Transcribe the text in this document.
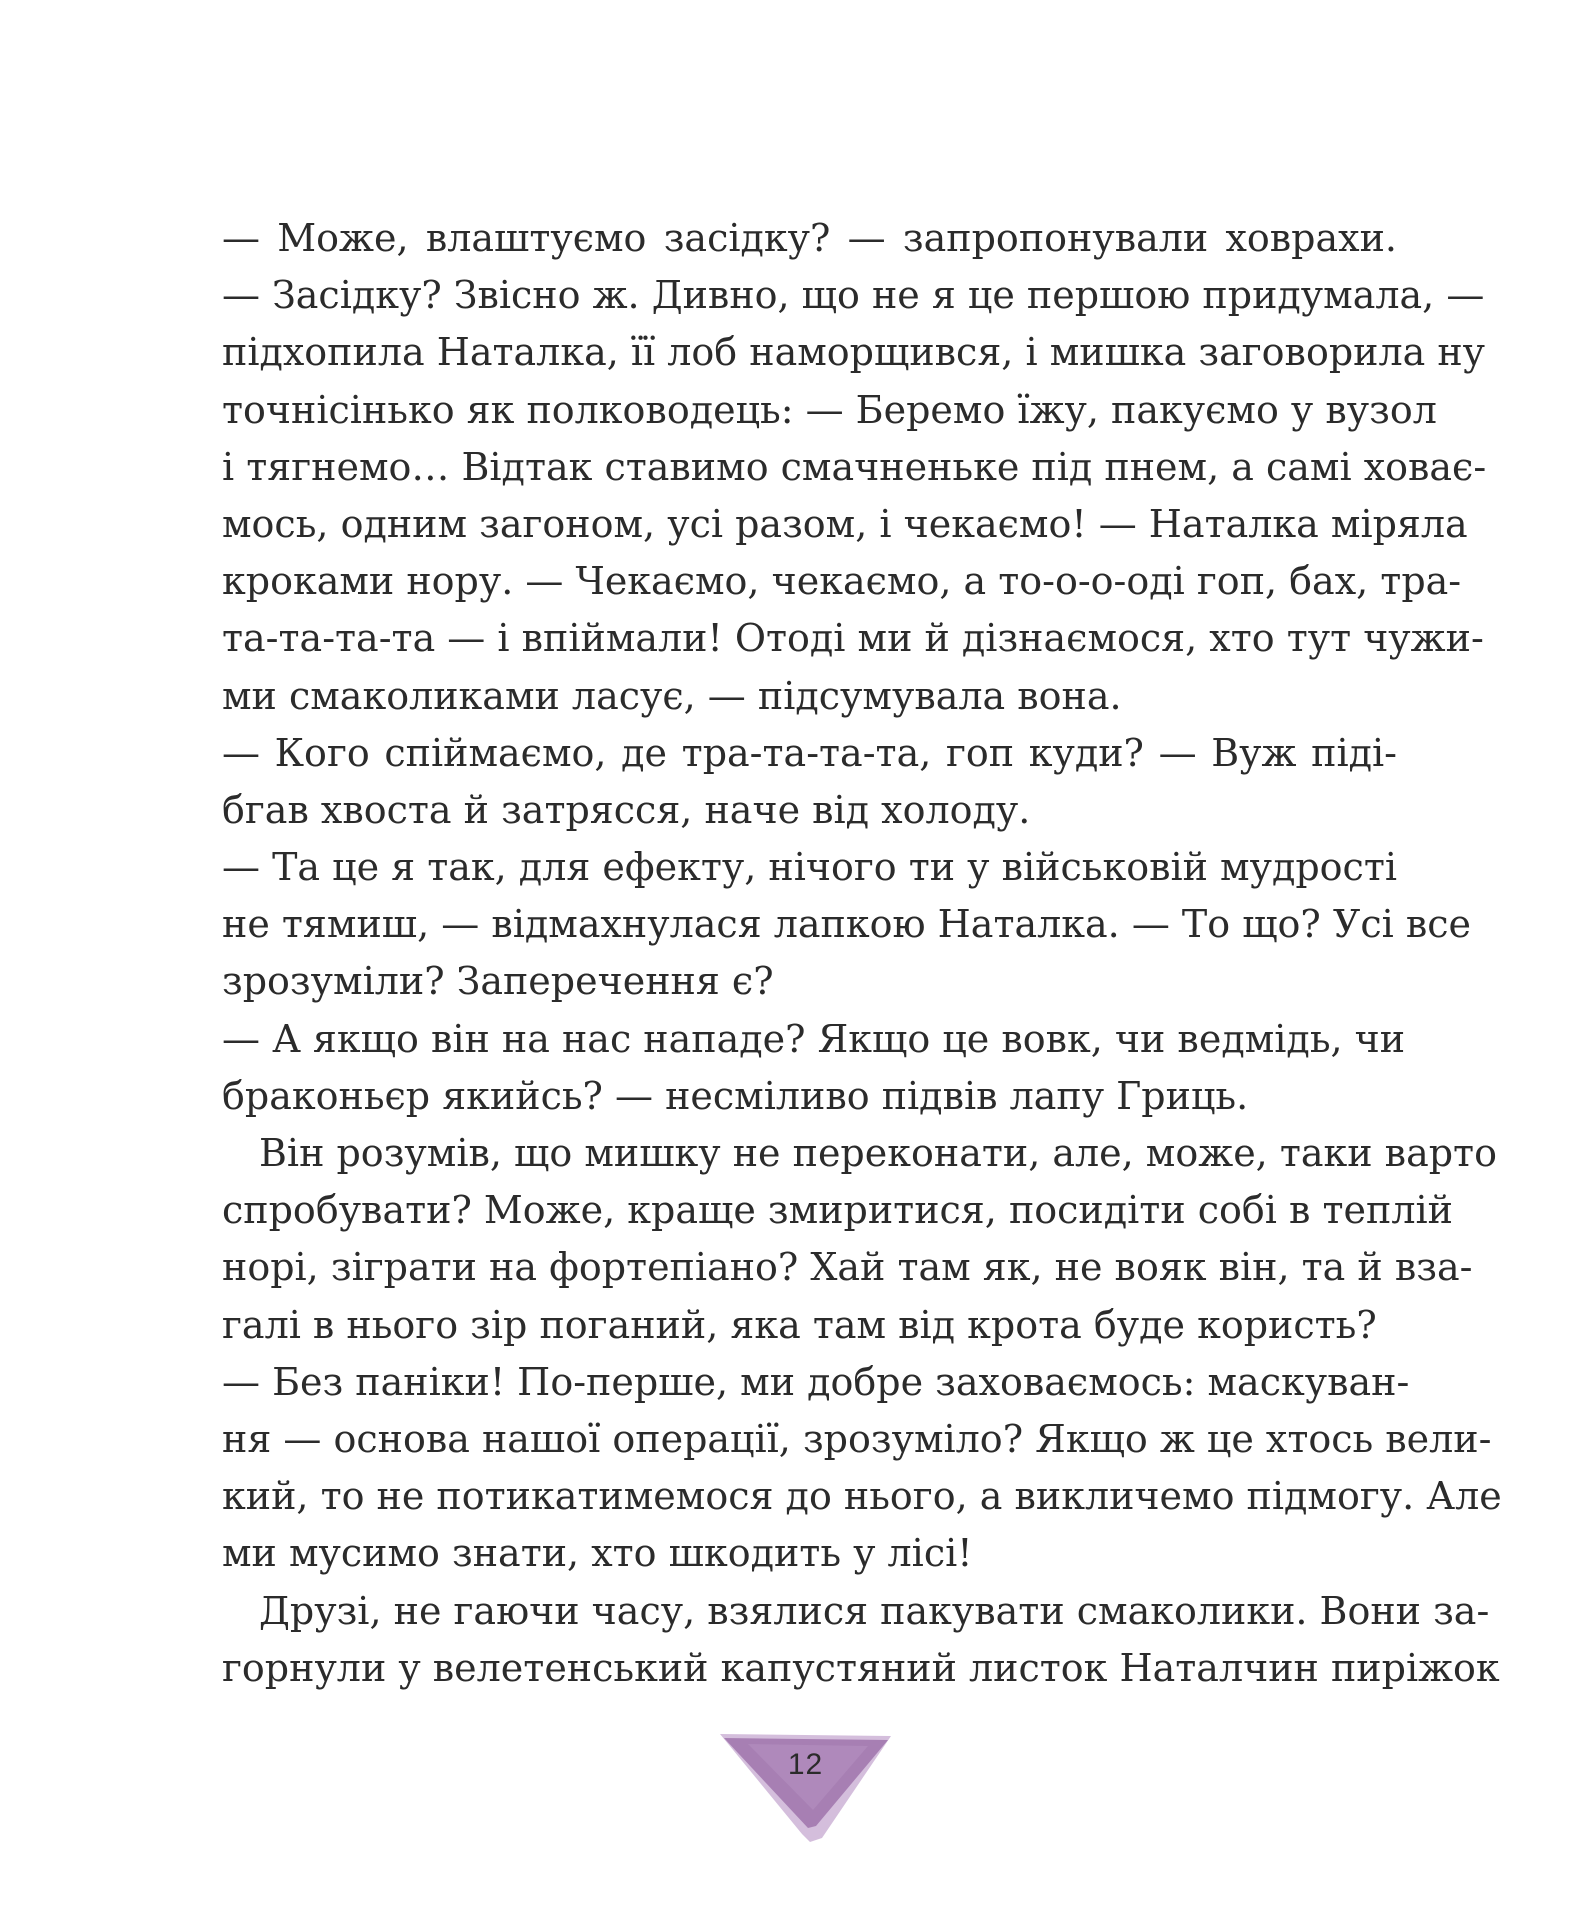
— Може, влаштуємо засідку? — запропонували ховрахи.
— Засідку? Звісно ж. Дивно, що не я це першою придумала, —
підхопила Наталка, її лоб наморщився, і мишка заговорила ну
точнісінько як полководець: — Беремо їжу, пакуємо у вузол
і тягнемо… Відтак ставимо смачненьке під пнем, а самі ховає-
мось, одним загоном, усі разом, і чекаємо! — Наталка міряла
кроками нору. — Чекаємо, чекаємо, а то-о-о-оді гоп, бах, тра-
та-та-та-та — і впіймали! Отоді ми й дізнаємося, хто тут чужи-
ми смаколиками ласує, — підсумувала вона.
— Кого спіймаємо, де тра-та-та-та, гоп куди? — Вуж піді-
бгав хвоста й затрясся, наче від холоду.
— Та це я так, для ефекту, нічого ти у військовій мудрості
не тямиш, — відмахнулася лапкою Наталка. — То що? Усі все
зрозуміли? Заперечення є?
— А якщо він на нас нападе? Якщо це вовк, чи ведмідь, чи
браконьєр якийсь? — несміливо підвів лапу Гриць.
Він розумів, що мишку не переконати, але, може, таки варто
спробувати? Може, краще змиритися, посидіти собі в теплій
норі, зіграти на фортепіано? Хай там як, не вояк він, та й вза-
галі в нього зір поганий, яка там від крота буде користь?
— Без паніки! По-перше, ми добре заховаємось: маскуван-
ня — основа нашої операції, зрозуміло? Якщо ж це хтось вели-
кий, то не потикатимемося до нього, а викличемо підмогу. Але
ми мусимо знати, хто шкодить у лісі!
Друзі, не гаючи часу, взялися пакувати смаколики. Вони за-
горнули у велетенський капустяний листок Наталчин пиріжок
12
